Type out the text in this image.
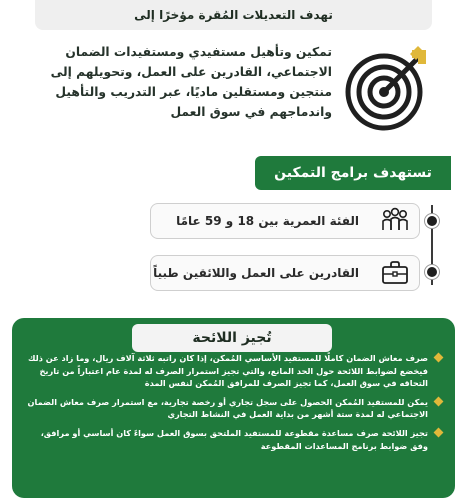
تهدف التعديلات المُقرة مؤخرًا إلى

تمكين وتأهيل مستفيدي ومستفيدات الضمان الاجتماعي، القادرين على العمل، وتحويلهم إلى منتجين ومستقلين ماديًا، عبر التدريب والتأهيل واندماجهم في سوق العمل

تستهدف برامج التمكين
الفئة العمرية بين 18 و 59 عامًا
القادرين على العمل واللائقين طبياً
تُجيز اللائحة
صرف معاش الضمان كاملًا للمستفيد الأساسي المُمكن، إذا كان راتبه ثلاثة آلاف ريال، وما زاد عن ذلك فيخضع لضوابط اللائحة حول الحد المانع، والتي تجيز استمرار الصرف له لمدة عام اعتباراً من تاريخ التحاقه في سوق العمل، كما تجيز الصرف للمرافق المُمكن لنفس المدة
يمكن للمستفيد المُمكن الحصول على سجل تجاري أو رخصة تجارية، مع استمرار صرف معاش الضمان الاجتماعي له لمدة ستة أشهر من بداية العمل في النشاط التجاري
تجيز اللائحة صرف مساعدة مقطوعة للمستفيد الملتحق بسوق العمل سواءً كان أساسي أو مرافق، وفق ضوابط برنامج المساعدات المقطوعة
